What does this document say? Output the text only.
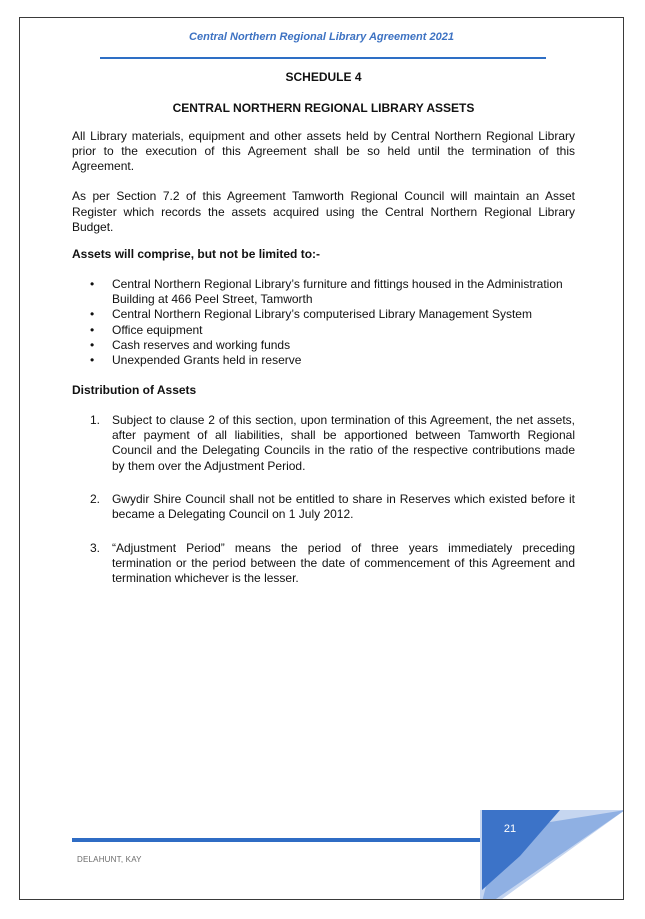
Central Northern Regional Library Agreement 2021

SCHEDULE 4

CENTRAL NORTHERN REGIONAL LIBRARY ASSETS

All Library materials, equipment and other assets held by Central Northern Regional Library prior to the execution of this Agreement shall be so held until the termination of this Agreement.

As per Section 7.2 of this Agreement Tamworth Regional Council will maintain an Asset Register which records the assets acquired using the Central Northern Regional Library Budget.

Assets will comprise, but not be limited to:-

• Central Northern Regional Library’s furniture and fittings housed in the Administration Building at 466 Peel Street, Tamworth
• Central Northern Regional Library’s computerised Library Management System
• Office equipment
• Cash reserves and working funds
• Unexpended Grants held in reserve

Distribution of Assets

1. Subject to clause 2 of this section, upon termination of this Agreement, the net assets, after payment of all liabilities, shall be apportioned between Tamworth Regional Council and the Delegating Councils in the ratio of the respective contributions made by them over the Adjustment Period.
2. Gwydir Shire Council shall not be entitled to share in Reserves which existed before it became a Delegating Council on 1 July 2012.
3. “Adjustment Period” means the period of three years immediately preceding termination or the period between the date of commencement of this Agreement and termination whichever is the lesser.
21
DELAHUNT, KAY
